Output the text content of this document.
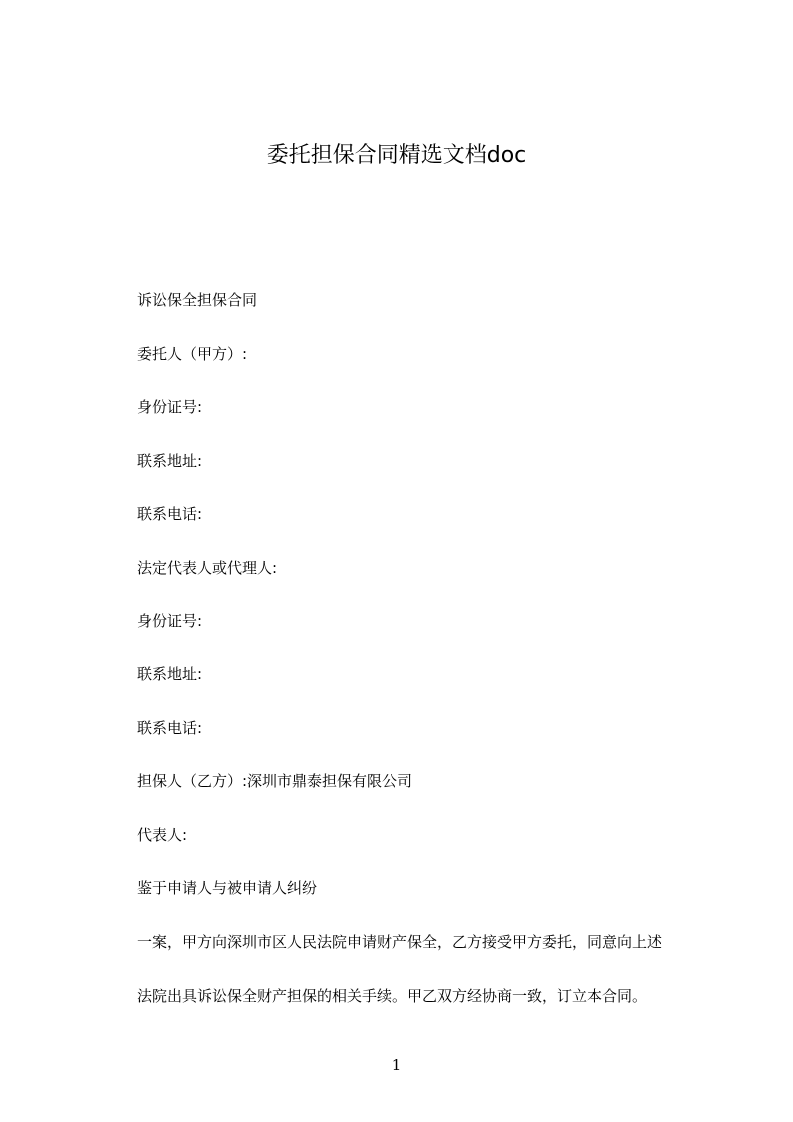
委托担保合同精选文档doc
诉讼保全担保合同
委托人（甲方）:
身份证号:
联系地址:
联系电话:
法定代表人或代理人:
身份证号:
联系地址:
联系电话:
担保人（乙方）:深圳市鼎泰担保有限公司
代表人:
鉴于申请人与被申请人纠纷
一案，甲方向深圳市区人民法院申请财产保全，乙方接受甲方委托，同意向上述
法院出具诉讼保全财产担保的相关手续。甲乙双方经协商一致，订立本合同。
1
